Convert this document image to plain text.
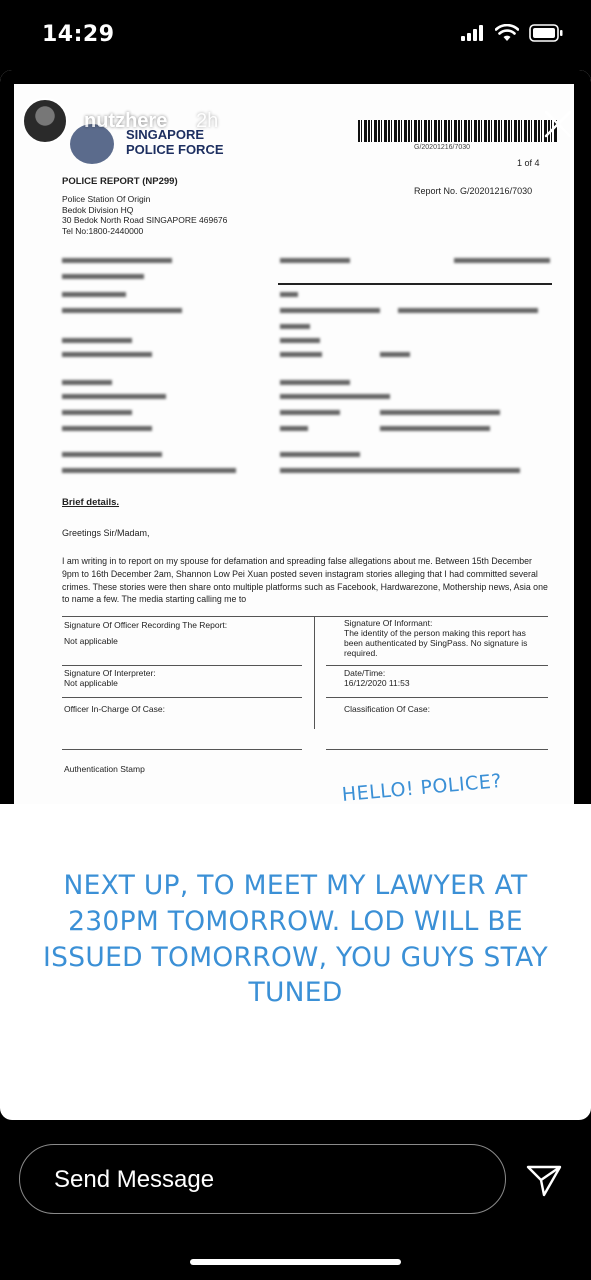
14:29
SINGAPORE
POLICE FORCE	G/20201216/7030
1 of 4
POLICE REPORT (NP299)
Police Station Of Origin
Bedok Division HQ
30 Bedok North Road SINGAPORE 469676
Tel No:1800-2440000
Report No. G/20201216/7030
Brief details.
Greetings Sir/Madam,
I am writing in to report on my spouse for defamation and spreading false allegations about me. Between 15th December 9pm to 16th December 2am, Shannon Low Pei Xuan posted seven instagram stories alleging that I had committed several crimes. These stories were then share onto multiple platforms such as Facebook, Hardwarezone, Mothership news, Asia one to name a few. The media starting calling me to
Signature Of Officer Recording The Report:
Not applicable
Signature Of Informant:
The identity of the person making this report has been authenticated by SingPass. No signature is required.
Signature Of Interpreter:
Not applicable
Date/Time:
16/12/2020 11:53
Officer In-Charge Of Case:	Classification Of Case:
Authentication Stamp
nutzhere 2h
HELLO! POLICE?
NEXT UP, TO MEET MY LAWYER AT 230PM TOMORROW. LOD WILL BE ISSUED TOMORROW, YOU GUYS STAY TUNED
Send Message
